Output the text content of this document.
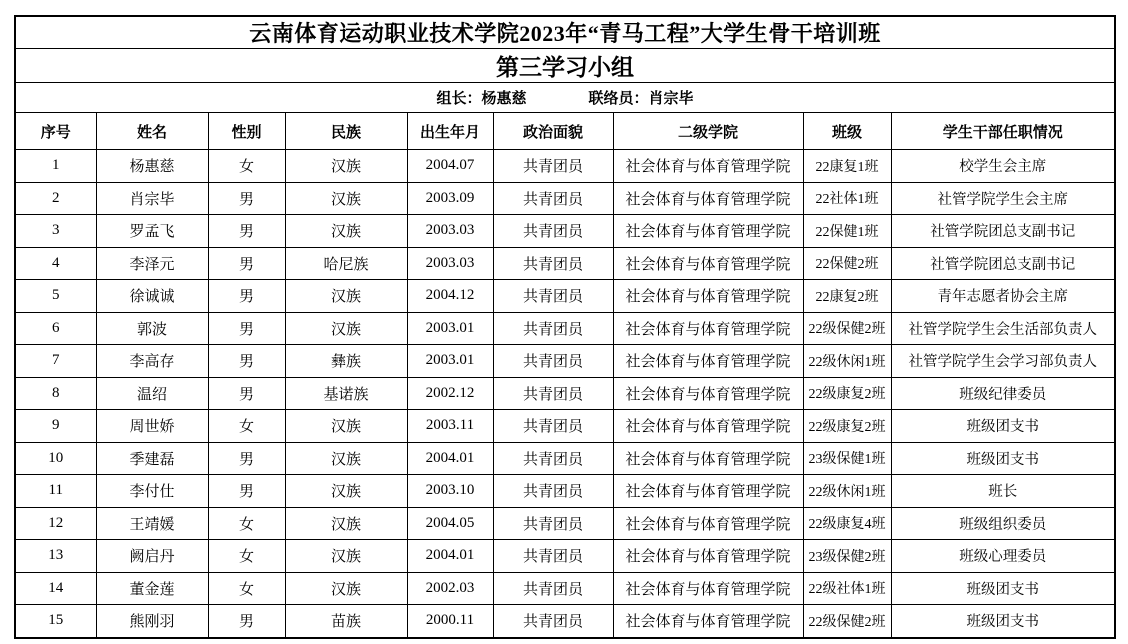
云南体育运动职业技术学院2023年“青马工程”大学生骨干培训班								
第三学习小组								
组长：杨惠慈 联络员：肖宗毕								
序号	姓名	性别	民族	出生年月	政治面貌	二级学院	班级	学生干部任职情况
1	杨惠慈	女	汉族	2004.07	共青团员	社会体育与体育管理学院	22康复1班	校学生会主席
2	肖宗毕	男	汉族	2003.09	共青团员	社会体育与体育管理学院	22社体1班	社管学院学生会主席
3	罗孟飞	男	汉族	2003.03	共青团员	社会体育与体育管理学院	22保健1班	社管学院团总支副书记
4	李泽元	男	哈尼族	2003.03	共青团员	社会体育与体育管理学院	22保健2班	社管学院团总支副书记
5	徐诚诚	男	汉族	2004.12	共青团员	社会体育与体育管理学院	22康复2班	青年志愿者协会主席
6	郭波	男	汉族	2003.01	共青团员	社会体育与体育管理学院	22级保健2班	社管学院学生会生活部负责人
7	李高存	男	彝族	2003.01	共青团员	社会体育与体育管理学院	22级休闲1班	社管学院学生会学习部负责人
8	温绍	男	基诺族	2002.12	共青团员	社会体育与体育管理学院	22级康复2班	班级纪律委员
9	周世娇	女	汉族	2003.11	共青团员	社会体育与体育管理学院	22级康复2班	班级团支书
10	季建磊	男	汉族	2004.01	共青团员	社会体育与体育管理学院	23级保健1班	班级团支书
11	李付仕	男	汉族	2003.10	共青团员	社会体育与体育管理学院	22级休闲1班	班长
12	王靖媛	女	汉族	2004.05	共青团员	社会体育与体育管理学院	22级康复4班	班级组织委员
13	阙启丹	女	汉族	2004.01	共青团员	社会体育与体育管理学院	23级保健2班	班级心理委员
14	董金莲	女	汉族	2002.03	共青团员	社会体育与体育管理学院	22级社体1班	班级团支书
15	熊刚羽	男	苗族	2000.11	共青团员	社会体育与体育管理学院	22级保健2班	班级团支书
